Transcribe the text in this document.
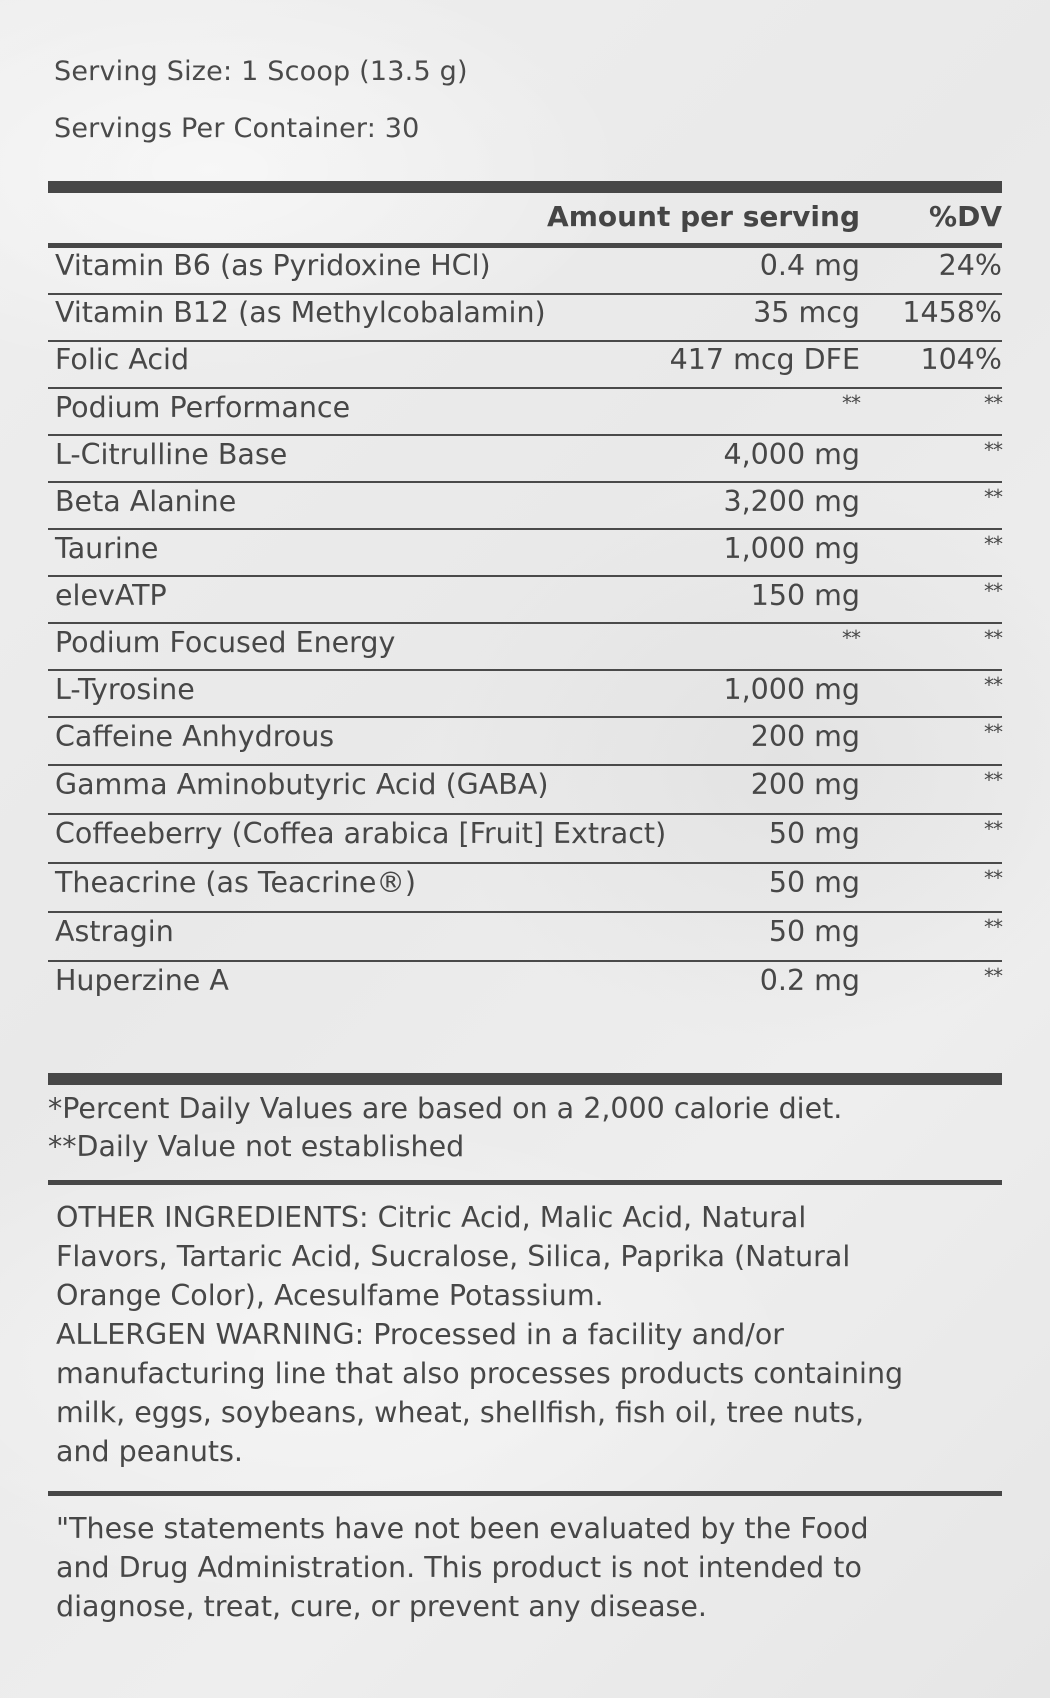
Serving Size: 1 Scoop (13.5 g)
Servings Per Container: 30
Amount per serving %DV
Vitamin B6 (as Pyridoxine HCl)	0.4 mg	24%
Vitamin B12 (as Methylcobalamin)	35 mcg 1458%
Folic Acid	417 mcg DFE 104%
Podium Performance	**	**
L-Citrulline Base	4,000 mg	**
Beta Alanine	3,200 mg	**
Taurine	1,000 mg	**
elevATP	150 mg	**
Podium Focused Energy	**	**
L-Tyrosine	1,000 mg	**
Caffeine Anhydrous	200 mg	**
Gamma Aminobutyric Acid (GABA)	200 mg	**
Coffeeberry (Coffea arabica [Fruit] Extract)	50 mg	**
Theacrine (as Teacrine®)	50 mg	**
Astragin	50 mg	**
Huperzine A	0.2 mg	**

*Percent Daily Values are based on a 2,000 calorie diet.

**Daily Value not established

OTHER INGREDIENTS: Citric Acid, Malic Acid, Natural

Flavors, Tartaric Acid, Sucralose, Silica, Paprika (Natural

Orange Color), Acesulfame Potassium.

ALLERGEN WARNING: Processed in a facility and/or

manufacturing line that also processes products containing

milk, eggs, soybeans, wheat, shellfish, fish oil, tree nuts,

and peanuts.

"These statements have not been evaluated by the Food

and Drug Administration. This product is not intended to

diagnose, treat, cure, or prevent any disease.
